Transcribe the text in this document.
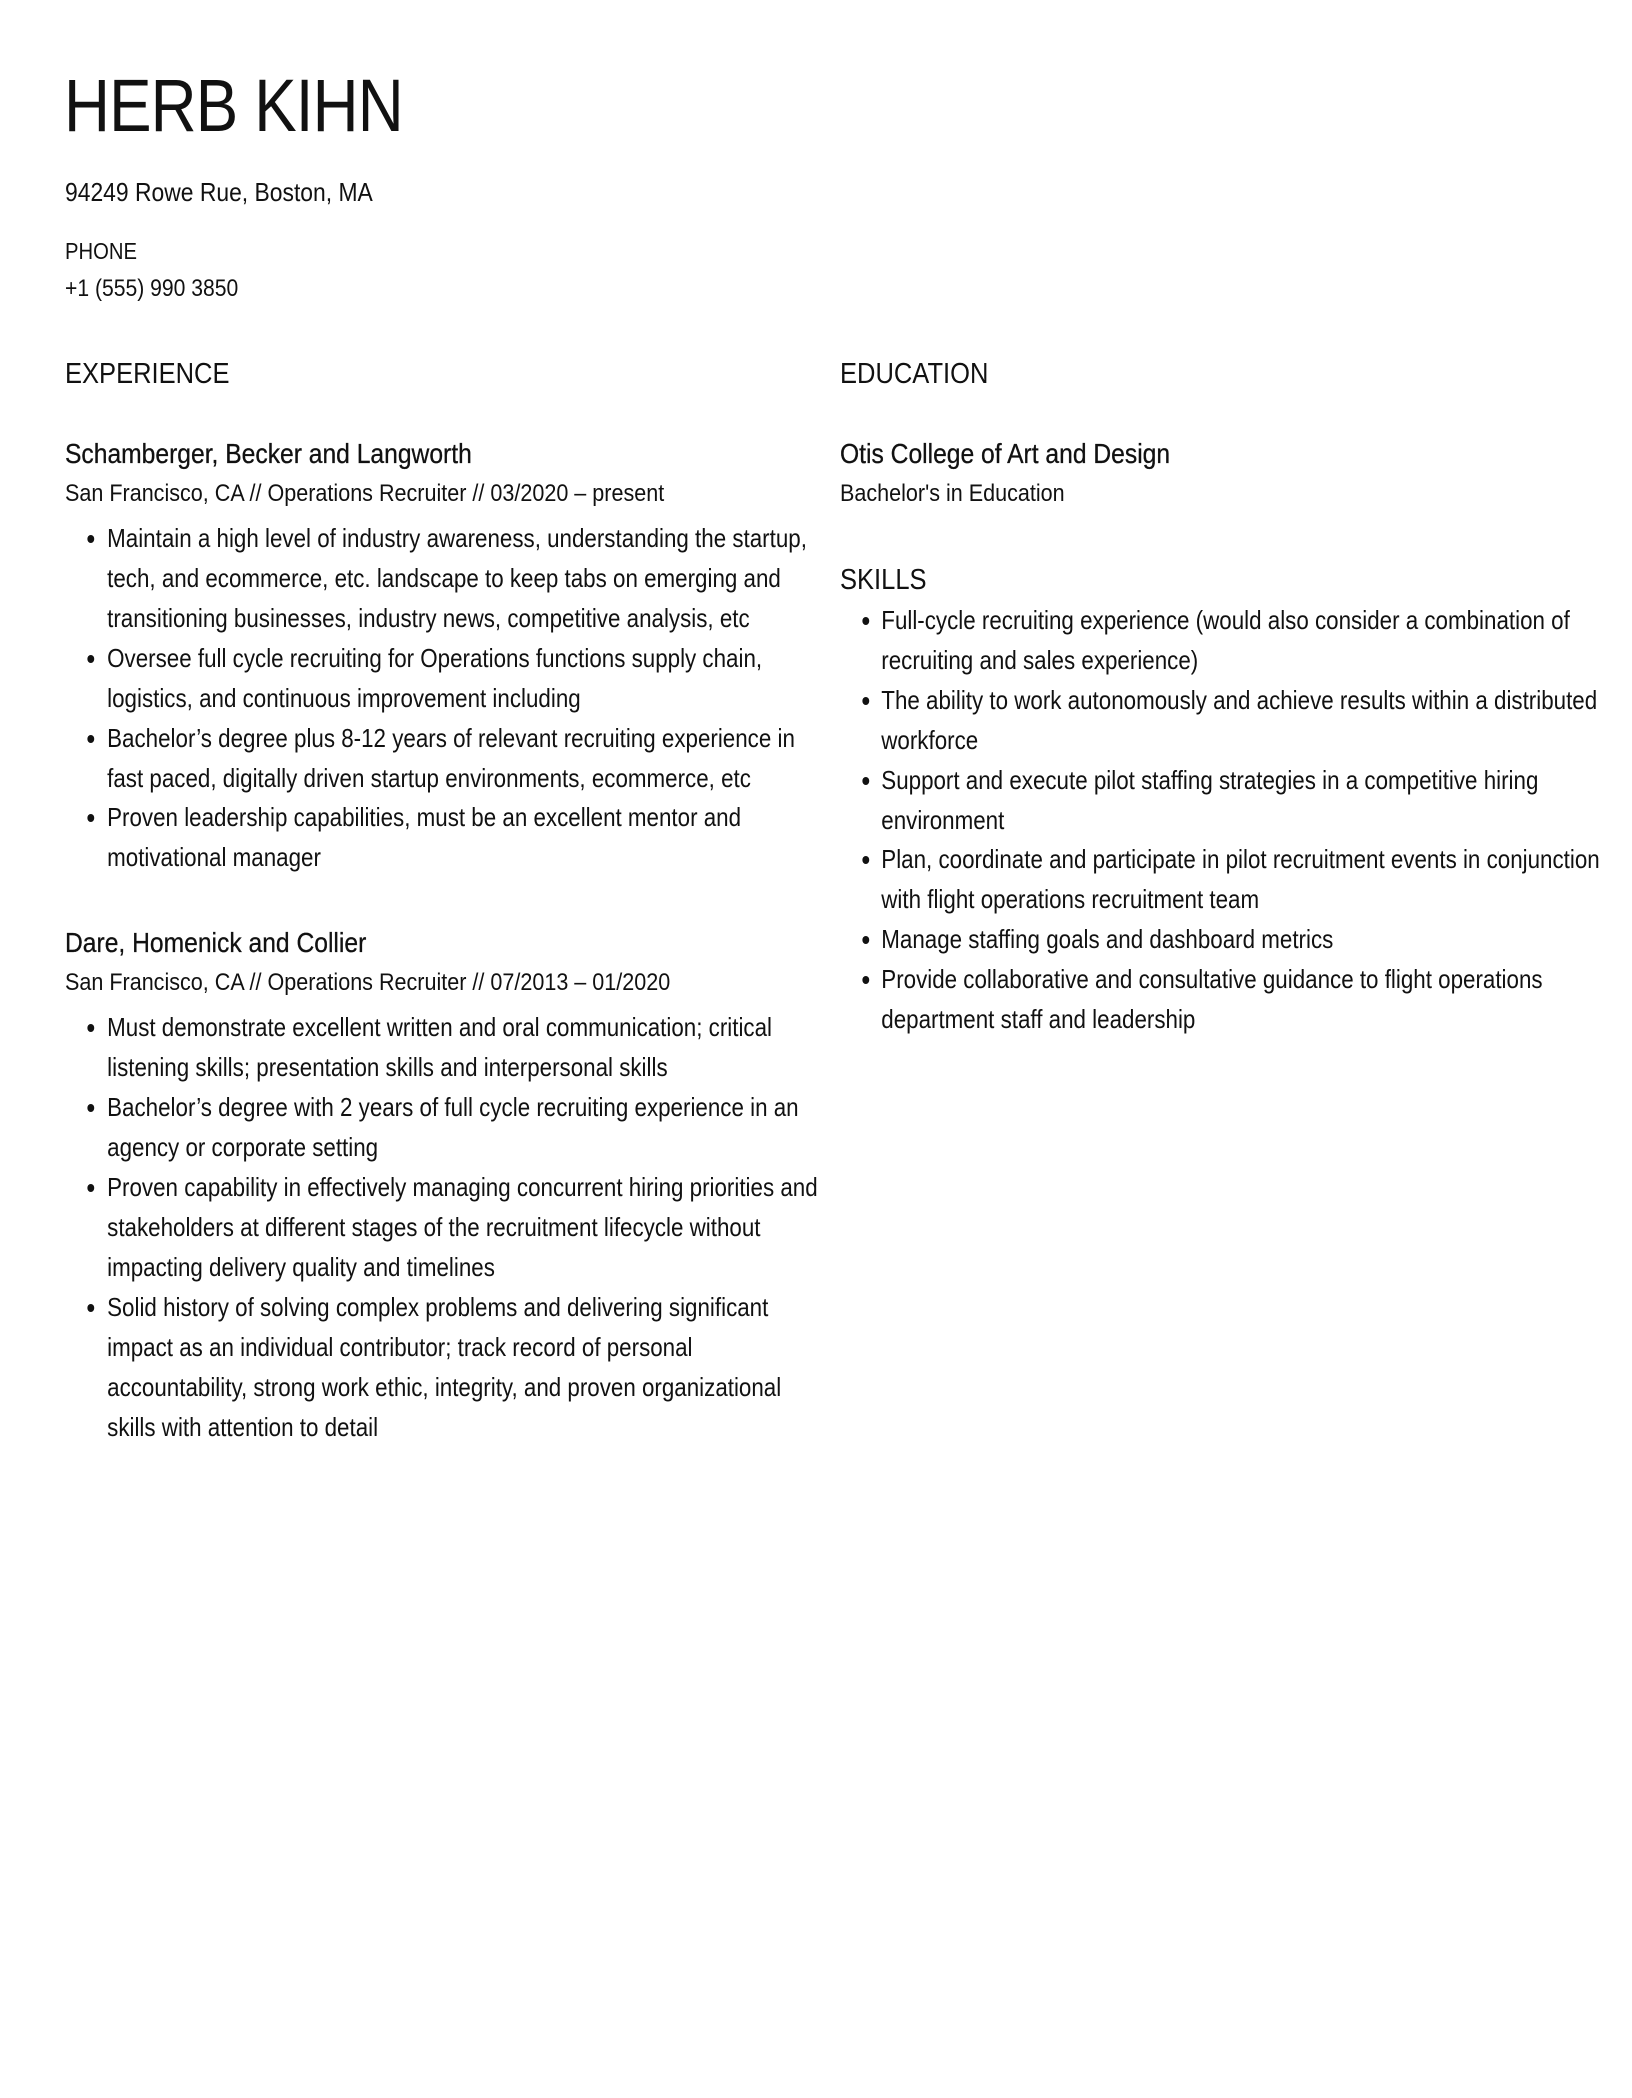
HERB KIHN
94249 Rowe Rue, Boston, MA
PHONE
+1 (555) 990 3850
EXPERIENCE
Schamberger, Becker and Langworth
San Francisco, CA // Operations Recruiter // 03/2020 – present
Maintain a high level of industry awareness, understanding the startup, tech, and ecommerce, etc. landscape to keep tabs on emerging and transitioning businesses, industry news, competitive analysis, etc
Oversee full cycle recruiting for Operations functions supply chain, logistics, and continuous improvement including
Bachelor’s degree plus 8-12 years of relevant recruiting experience in fast paced, digitally driven startup environments, ecommerce, etc
Proven leadership capabilities, must be an excellent mentor and motivational manager
Dare, Homenick and Collier
San Francisco, CA // Operations Recruiter // 07/2013 – 01/2020
Must demonstrate excellent written and oral communication; critical listening skills; presentation skills and interpersonal skills
Bachelor’s degree with 2 years of full cycle recruiting experience in an agency or corporate setting
Proven capability in effectively managing concurrent hiring priorities and stakeholders at different stages of the recruitment lifecycle without impacting delivery quality and timelines
Solid history of solving complex problems and delivering significant impact as an individual contributor; track record of personal accountability, strong work ethic, integrity, and proven organizational skills with attention to detail
EDUCATION
Otis College of Art and Design
Bachelor's in Education
SKILLS
Full-cycle recruiting experience (would also consider a combination of recruiting and sales experience)
The ability to work autonomously and achieve results within a distributed workforce
Support and execute pilot staffing strategies in a competitive hiring environment
Plan, coordinate and participate in pilot recruitment events in conjunction with flight operations recruitment team
Manage staffing goals and dashboard metrics
Provide collaborative and consultative guidance to flight operations department staff and leadership
